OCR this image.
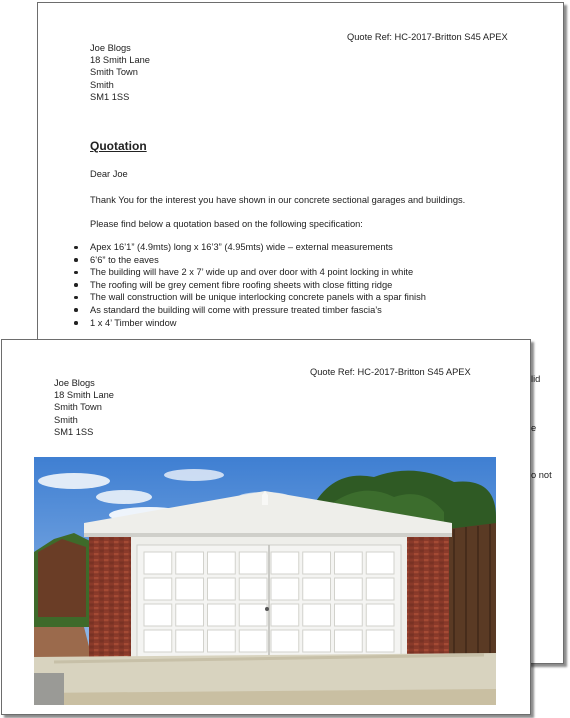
Quote Ref: HC-2017-Britton S45 APEX
Joe Blogs
18 Smith Lane
Smith Town
Smith
SM1 1SS
Quotation
Dear Joe
Thank You for the interest you have shown in our concrete sectional garages and buildings.
Please find below a quotation based on the following specification:
Apex 16’1” (4.9mts) long x 16’3” (4.95mts) wide – external measurements
6’6” to the eaves
The building will have 2 x 7’ wide up and over door with 4 point locking in white
The roofing will be grey cement fibre roofing sheets with close fitting ridge
The wall construction will be unique interlocking concrete panels with a spar finish
As standard the building will come with pressure treated timber fascia’s
1 x 4’ Timber window
lid
e
o not
Quote Ref: HC-2017-Britton S45 APEX
Joe Blogs
18 Smith Lane
Smith Town
Smith
SM1 1SS
